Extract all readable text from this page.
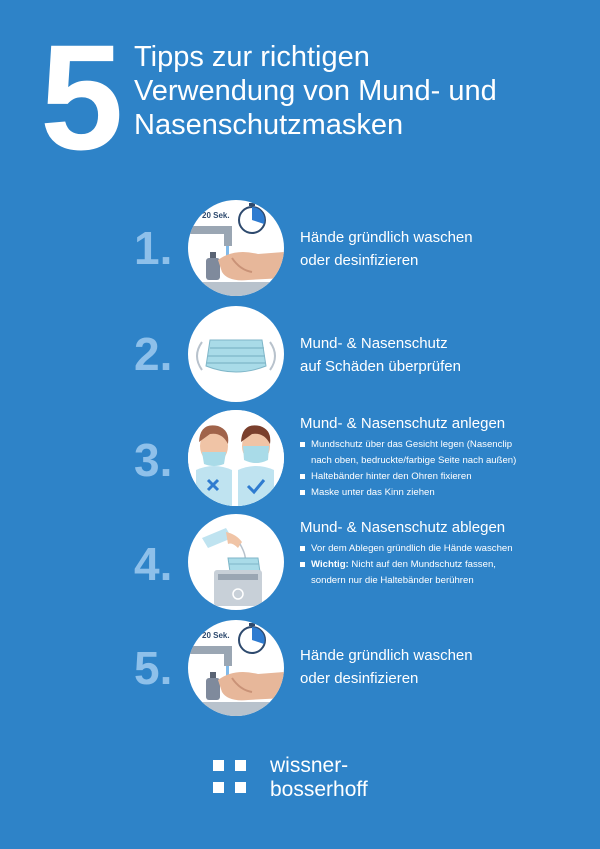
5 Tipps zur richtigen
Verwendung von Mund- und
Nasenschutzmasken
1.
20 Sek.
Hände gründlich waschen
oder desinfizieren
2.	Mund- & Nasenschutz
auf Schäden überprüfen
3.
Mund- & Nasenschutz anlegen
Mundschutz über das Gesicht legen (Nasenclip
nach oben, bedruckte/farbige Seite nach außen)
Haltebänder hinter den Ohren fixieren
Maske unter das Kinn ziehen
4.
Mund- & Nasenschutz ablegen
Vor dem Ablegen gründlich die Hände waschen
Wichtig: Nicht auf den Mundschutz fassen,
sondern nur die Haltebänder berühren
5.
20 Sek.
Hände gründlich waschen
oder desinfizieren
wissner-
bosserhoff
